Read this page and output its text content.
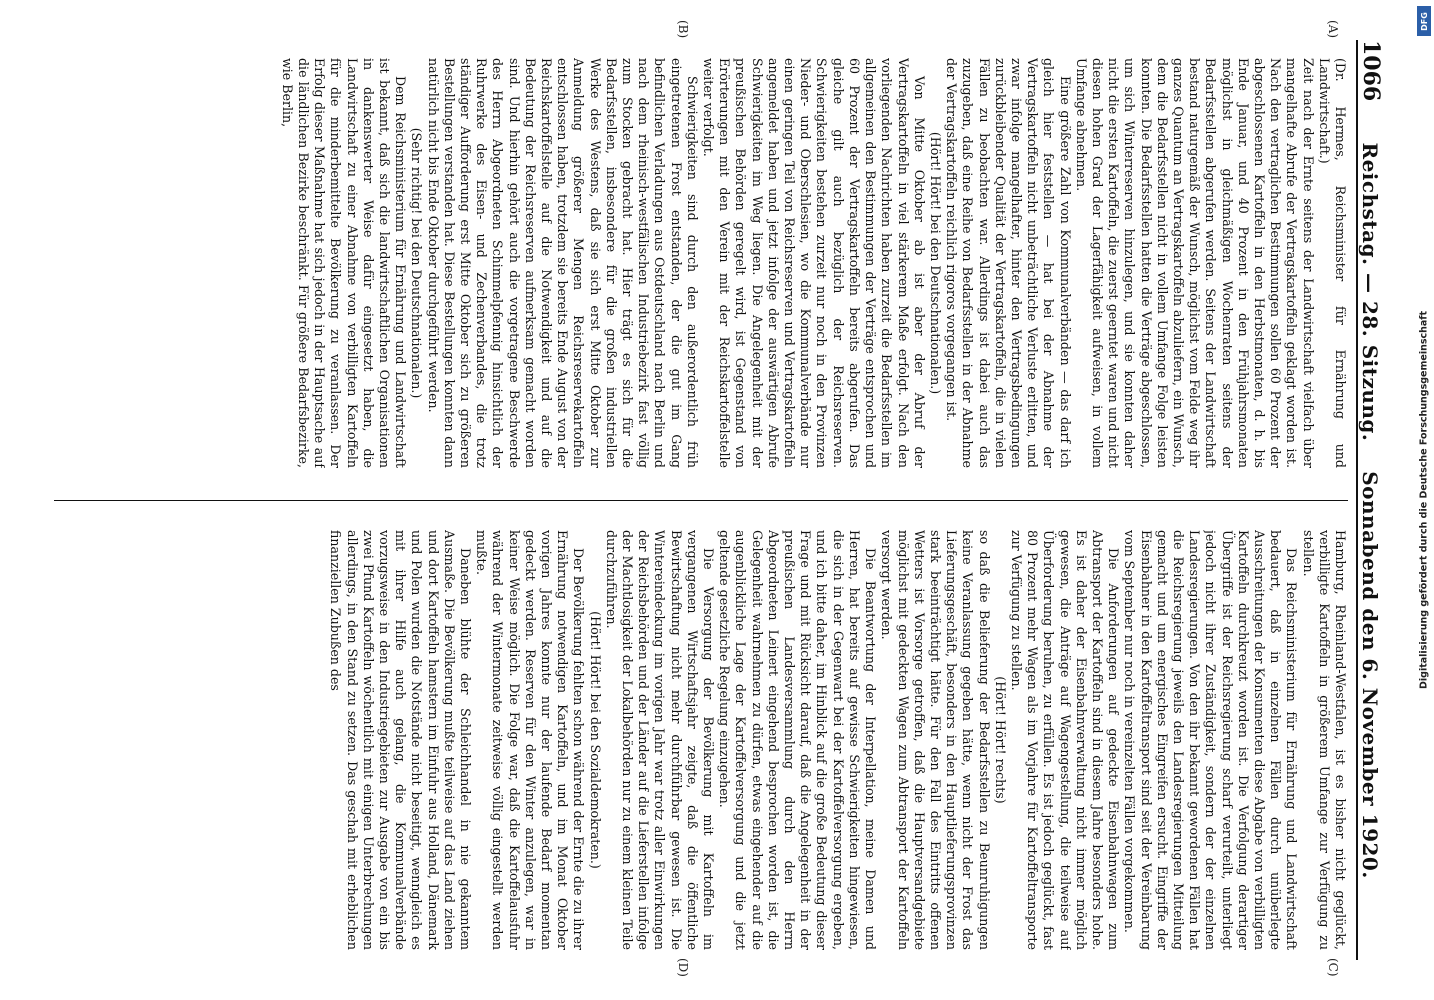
1066
Reichstag. — 28. Sitzung.    Sonnabend den 6. November 1920.
(A)
(B)
(C)
(D)

(Dr. Hermes, Reichsminister für Ernährung und Landwirtschaft.)

Zeit nach der Ernte seitens der Landwirtschaft vielfach über mangelhafte Abrufe der Vertragskartoffeln geklagt worden ist. Nach den vertraglichen Bestimmungen sollen 60 Prozent der abgeschlossenen Kartoffeln in den Herbstmonaten, d. h. bis Ende Januar, und 40 Prozent in den Frühjahrsmonaten möglichst in gleichmäßigen Wochenraten seitens der Bedarfsstellen abgerufen werden. Seitens der Landwirtschaft bestand naturgemäß der Wunsch, möglichst vom Felde weg ihr ganzes Quantum an Vertragskartoffeln abzuliefern, ein Wunsch, dem die Bedarfsstellen nicht in vollem Umfange Folge leisten konnten. Die Bedarfsstellen hatten die Verträge abgeschlossen, um sich Winterreserven hinzulegen, und sie konnten daher nicht die ersten Kartoffeln, die zuerst geerntet waren und nicht diesen hohen Grad der Lagerfähigkeit aufweisen, in vollem Umfange abnehmen.

Eine größere Zahl von Kommunalverbänden — das darf ich gleich hier feststellen — hat bei der Abnahme der Vertragskartoffeln nicht unbeträchtliche Verluste erlitten, und zwar infolge mangelhafter, hinter den Vertragsbedingungen zurückbleibender Qualität der Vertragskartoffeln, die in vielen Fällen zu beobachten war. Allerdings ist dabei auch das zuzugeben, daß eine Reihe von Bedarfsstellen in der Abnahme der Vertragskartoffeln reichlich rigoros vorgegangen ist.

(Hört! Hört! bei den Deutschnationalen.)

Von Mitte Oktober ab ist aber der Abruf der Vertragskartoffeln in viel stärkerem Maße erfolgt. Nach den vorliegenden Nachrichten haben zurzeit die Bedarfsstellen im allgemeinen den Bestimmungen der Verträge entsprochen und 60 Prozent der Vertragskartoffeln bereits abgerufen. Das gleiche gilt auch bezüglich der Reichsreserven. Schwierigkeiten bestehen zurzeit nur noch in den Provinzen Nieder- und Oberschlesien, wo die Kommunalverbände nur einen geringen Teil von Reichsreserven und Vertragskartoffeln angemeldet haben und jetzt infolge der auswärtigen Abrufe Schwierigkeiten im Weg liegen. Die Angelegenheit mit der preußischen Behörden geregelt wird, ist Gegenstand von Erörterungen mit den Verein mit der Reichskartoffelstelle weiter verfolgt.

Schwierigkeiten sind durch den außerordentlich früh eingetretenen Frost entstanden, der die gut im Gang befindlichen Verladungen aus Ostdeutschland nach Berlin und nach dem rheinisch-westfälischen Industriebezirk fast völlig zum Stocken gebracht hat. Hier trägt es sich für die Bedarfsstellen, insbesondere für die großen industriellen Werke des Westens, daß sie sich erst Mitte Oktober zur Anmeldung größerer Mengen Reichsreservekartoffeln entschlossen haben, trotzdem sie bereits Ende August von der Reichskartoffelstelle auf die Notwendigkeit und auf die Bedeutung der Reichsreserven aufmerksam gemacht worden sind. Und hierhin gehört auch die vorgetragene Beschwerde des Herrn Abgeordneten Schimmelpfennig hinsichtlich der Ruhrwerke des Eisen- und Zechenverbandes, die trotz ständiger Aufforderung erst Mitte Oktober sich zu größeren Bestellungen verstanden hat. Diese Bestellungen konnten dann natürlich nicht bis Ende Oktober durchgeführt werden.

(Sehr richtig! bei den Deutschnationalen.)

Dem Reichsministerium für Ernährung und Landwirtschaft ist bekannt, daß sich die landwirtschaftlichen Organisationen in dankenswerter Weise dafür eingesetzt haben, die Landwirtschaft zu einer Abnahme von verbilligten Kartoffeln für die minderbemittelte Bevölkerung zu veranlassen. Der Erfolg dieser Maßnahme hat sich jedoch in der Hauptsache auf die ländlichen Bezirke beschränkt. Für größere Bedarfsbezirke, wie Berlin,

Hamburg, Rheinland-Westfalen, ist es bisher nicht geglückt, verbilligte Kartoffeln in größerem Umfange zur Verfügung zu stellen.

Das Reichsministerium für Ernährung und Landwirtschaft bedauert, daß in einzelnen Fällen durch unüberlegte Ausschreitungen der Konsumenten diese Abgabe von verbilligten Kartoffeln durchkreuzt worden ist. Die Verfolgung derartiger Übergriffe ist der Reichsregierung scharf verurteilt, unterliegt jedoch nicht ihrer Zuständigkeit, sondern der der einzelnen Landesregierungen. Von den ihr bekannt gewordenen Fällen hat die Reichsregierung jeweils den Landesregierungen Mitteilung gemacht und um energisches Eingreifen ersucht. Eingriffe der Eisenbahner in den Kartoffeltransport sind seit der Vereinbarung vom September nur noch in vereinzelten Fällen vorgekommen.

Die Anforderungen auf gedeckte Eisenbahnwagen zum Abtransport der Kartoffeln sind in diesem Jahre besonders hohe. Es ist daher der Eisenbahnverwaltung nicht immer möglich gewesen, die Anträge auf Wagengestellung, die teilweise auf Überforderung beruhen, zu erfüllen. Es ist jedoch geglückt, fast 80 Prozent mehr Wagen als im Vorjahre für Kartoffeltransporte zur Verfügung zu stellen.

(Hört! Hört! rechts)

so daß die Belieferung der Bedarfsstellen zu Beunruhigungen keine Veranlassung gegeben hätte, wenn nicht der Frost das Lieferungsgeschäft, besonders in den Hauptlieferungsprovinzen stark beeinträchtigt hätte. Für den Fall des Eintritts offenen Wetters ist Vorsorge getroffen, daß die Hauptversandgebiete möglichst mit gedeckten Wagen zum Abtransport der Kartoffeln versorgt werden.

Die Beantwortung der Interpellation, meine Damen und Herren, hat bereits auf gewisse Schwierigkeiten hingewiesen, die sich in der Gegenwart bei der Kartoffelversorgung ergeben, und ich bitte daher, im Hinblick auf die große Bedeutung dieser Frage und mit Rücksicht darauf, daß die Angelegenheit in der preußischen Landesversammlung durch den Herrn Abgeordneten Leinert eingehend besprochen worden ist, die Gelegenheit wahrnehmen zu dürfen, etwas eingehender auf die augenblickliche Lage der Kartoffelversorgung und die jetzt geltende gesetzliche Regelung einzugehen.

Die Versorgung der Bevölkerung mit Kartoffeln im vergangenen Wirtschaftsjahr zeigte, daß die öffentliche Bewirtschaftung nicht mehr durchführbar gewesen ist. Die Wintereindeckung im vorigen Jahr war trotz aller Einwirkungen der Reichsbehörden und der Länder auf die Lieferstellen infolge der Machtlosigkeit der Lokalbehörden nur zu einem kleinen Teile durchzuführen.

(Hört! Hört! bei den Sozialdemokraten.)

Der Bevölkerung fehlten schon während der Ernte die zu ihrer Ernährung notwendigen Kartoffeln, und im Monat Oktober vorigen Jahres konnte nur der laufende Bedarf momentan gedeckt werden. Reserven für den Winter anzulegen, war in keiner Weise möglich. Die Folge war, daß die Kartoffelausfuhr während der Wintermonate zeitweise völlig eingestellt werden mußte.

Daneben blühte der Schleichhandel in nie gekanntem Ausmaße. Die Bevölkerung mußte teilweise auf das Land ziehen und dort Kartoffeln hamstern im Einfuhr aus Holland, Dänemark und Polen wurden die Notstände nicht beseitigt, wenngleich es mit ihrer Hilfe auch gelang, die Kommunalverbände vorzugsweise in den Industriegebieten zur Ausgabe von ein bis zwei Pfund Kartoffeln wöchentlich mit einigen Unterbrechungen allerdings, in den Stand zu setzen. Das geschah mit erheblichen finanziellen Zubußen des

DFG
Digitalisierung gefördert durch die Deutsche Forschungsgemeinschaft
